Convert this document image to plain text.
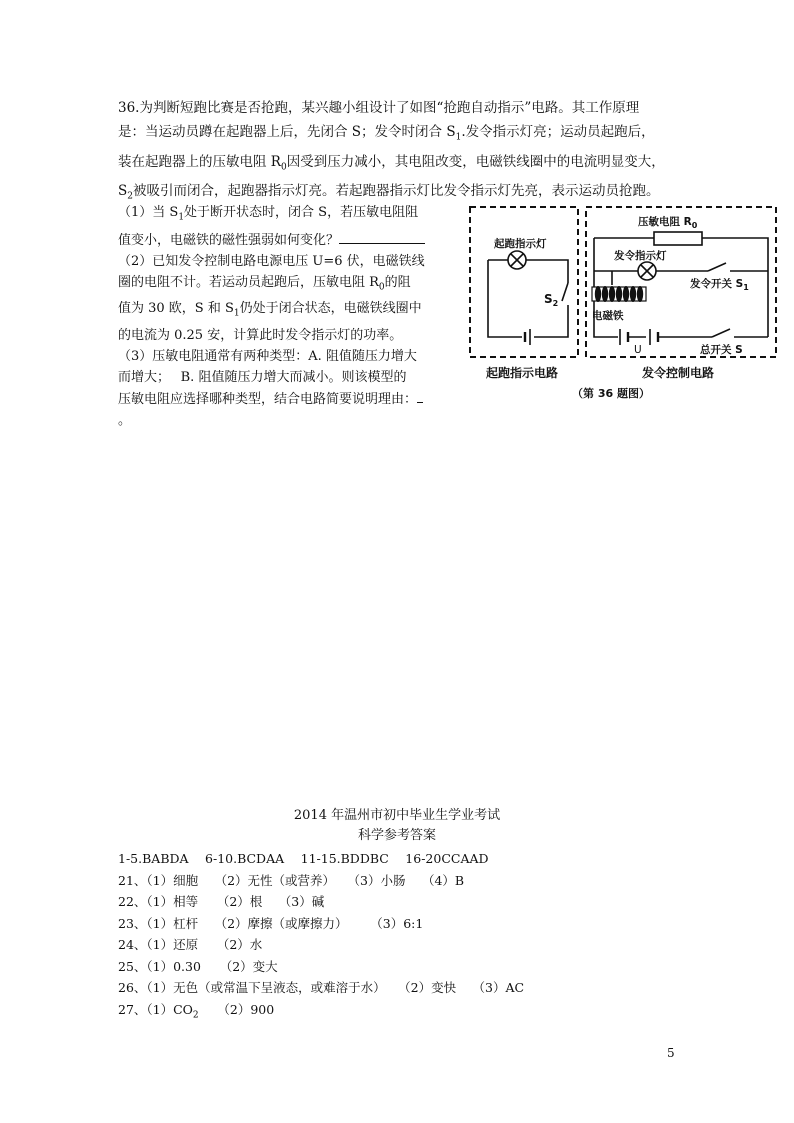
36.为判断短跑比赛是否抢跑，某兴趣小组设计了如图“抢跑自动指示”电路。其工作原理

是：当运动员蹲在起跑器上后，先闭合 S；发令时闭合 $S_1$.发令指示灯亮；运动员起跑后，

装在起跑器上的压敏电阻 $R_0$因受到压力减小，其电阻改变，电磁铁线圈中的电流明显变大，

$S_2$被吸引而闭合，起跑器指示灯亮。若起跑器指示灯比发令指示灯先亮，表示运动员抢跑。

（1）当 $S_1$处于断开状态时，闭合 S，若压敏电阻阻

值变小，电磁铁的磁性强弱如何变化？

（2）已知发令控制电路电源电压 U=6 伏，电磁铁线

圈的电阻不计。若运动员起跑后，压敏电阻 $R_0$的阻

值为 30 欧，S 和 $S_1$仍处于闭合状态，电磁铁线圈中

的电流为 0.25 安，计算此时发令指示灯的功率。

（3）压敏电阻通常有两种类型：A. 阻值随压力增大

而增大；　 B. 阻值随压力增大而减小。则该模型的

压敏电阻应选择哪种类型，结合电路简要说明理由：

。

起跑指示灯
$S_2$
压敏电阻 $R_0$
发令指示灯
发令开关 $S_1$
电磁铁
U	总开关 S
起跑指示电路	发令控制电路
（第 36 题图）
2014 年温州市初中毕业生学业考试
科学参考答案
1-5.BABDA　 6-10.BCDAA　 11-15.BDDBC　 16-20CCAAD
21、（1）细胞　 （2）无性（或营养）　　（3）小肠　 （4）B
22、（1）相等　　（2）根　 （3）碱
23、（1）杠杆　 （2）摩擦（或摩擦力）　　 （3）6:1
24、（1）还原　　（2）水
25、（1）0.30　　（2）变大
26、（1）无色（或常温下呈液态，或难溶于水）　　（2）变快　 （3）AC
27、$(1)CO_2$　　（2）900
5
